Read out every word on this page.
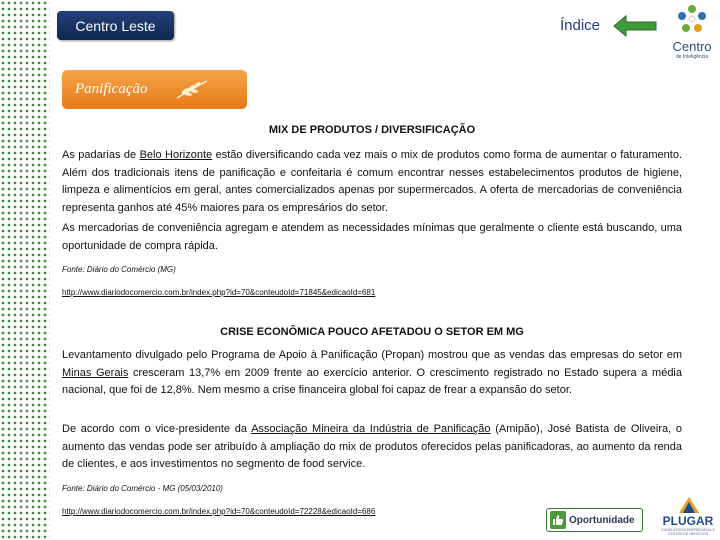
Centro Leste	Índice
Centro
de Inteligência
Panificação
MIX DE PRODUTOS / DIVERSIFICAÇÃO

As padarias de Belo Horizonte estão diversificando cada vez mais o mix de produtos como forma de aumentar o faturamento. Além dos tradicionais itens de panificação e confeitaria é comum encontrar nesses estabelecimentos produtos de higiene, limpeza e alimentícios em geral, antes comercializados apenas por supermercados. A oferta de mercadorias de conveniência representa ganhos até 45% maiores para os empresários do setor.

As mercadorias de conveniência agregam e atendem as necessidades mínimas que geralmente o cliente está buscando, uma oportunidade de compra rápida.

Fonte: Diário do Comércio (MG)
http://www.diariodocomercio.com.br/index.php?id=70&conteudoId=71845&edicaoId=681
CRISE ECONÔMICA POUCO AFETADOU O SETOR EM MG

Levantamento divulgado pelo Programa de Apoio à Panificação (Propan) mostrou que as vendas das empresas do setor em Minas Gerais cresceram 13,7% em 2009 frente ao exercício anterior. O crescimento registrado no Estado supera a média nacional, que foi de 12,8%. Nem mesmo a crise financeira global foi capaz de frear a expansão do setor.

De acordo com o vice-presidente da Associação Mineira da Indústria de Panificação (Amipão), José Batista de Oliveira, o aumento das vendas pode ser atribuído à ampliação do mix de produtos oferecidos pelas panificadoras, ao aumento da renda de clientes, e aos investimentos no segmento de food service.

Fonte: Diário do Comércio - MG (05/03/2010)
http://www.diariodocomercio.com.br/index.php?id=70&conteudoId=72228&edicaoId=686
Oportunidade	PLUGAR
CONSULTORIA EMPRESARIAL E GESTÃO DE NEGÓCIOS
